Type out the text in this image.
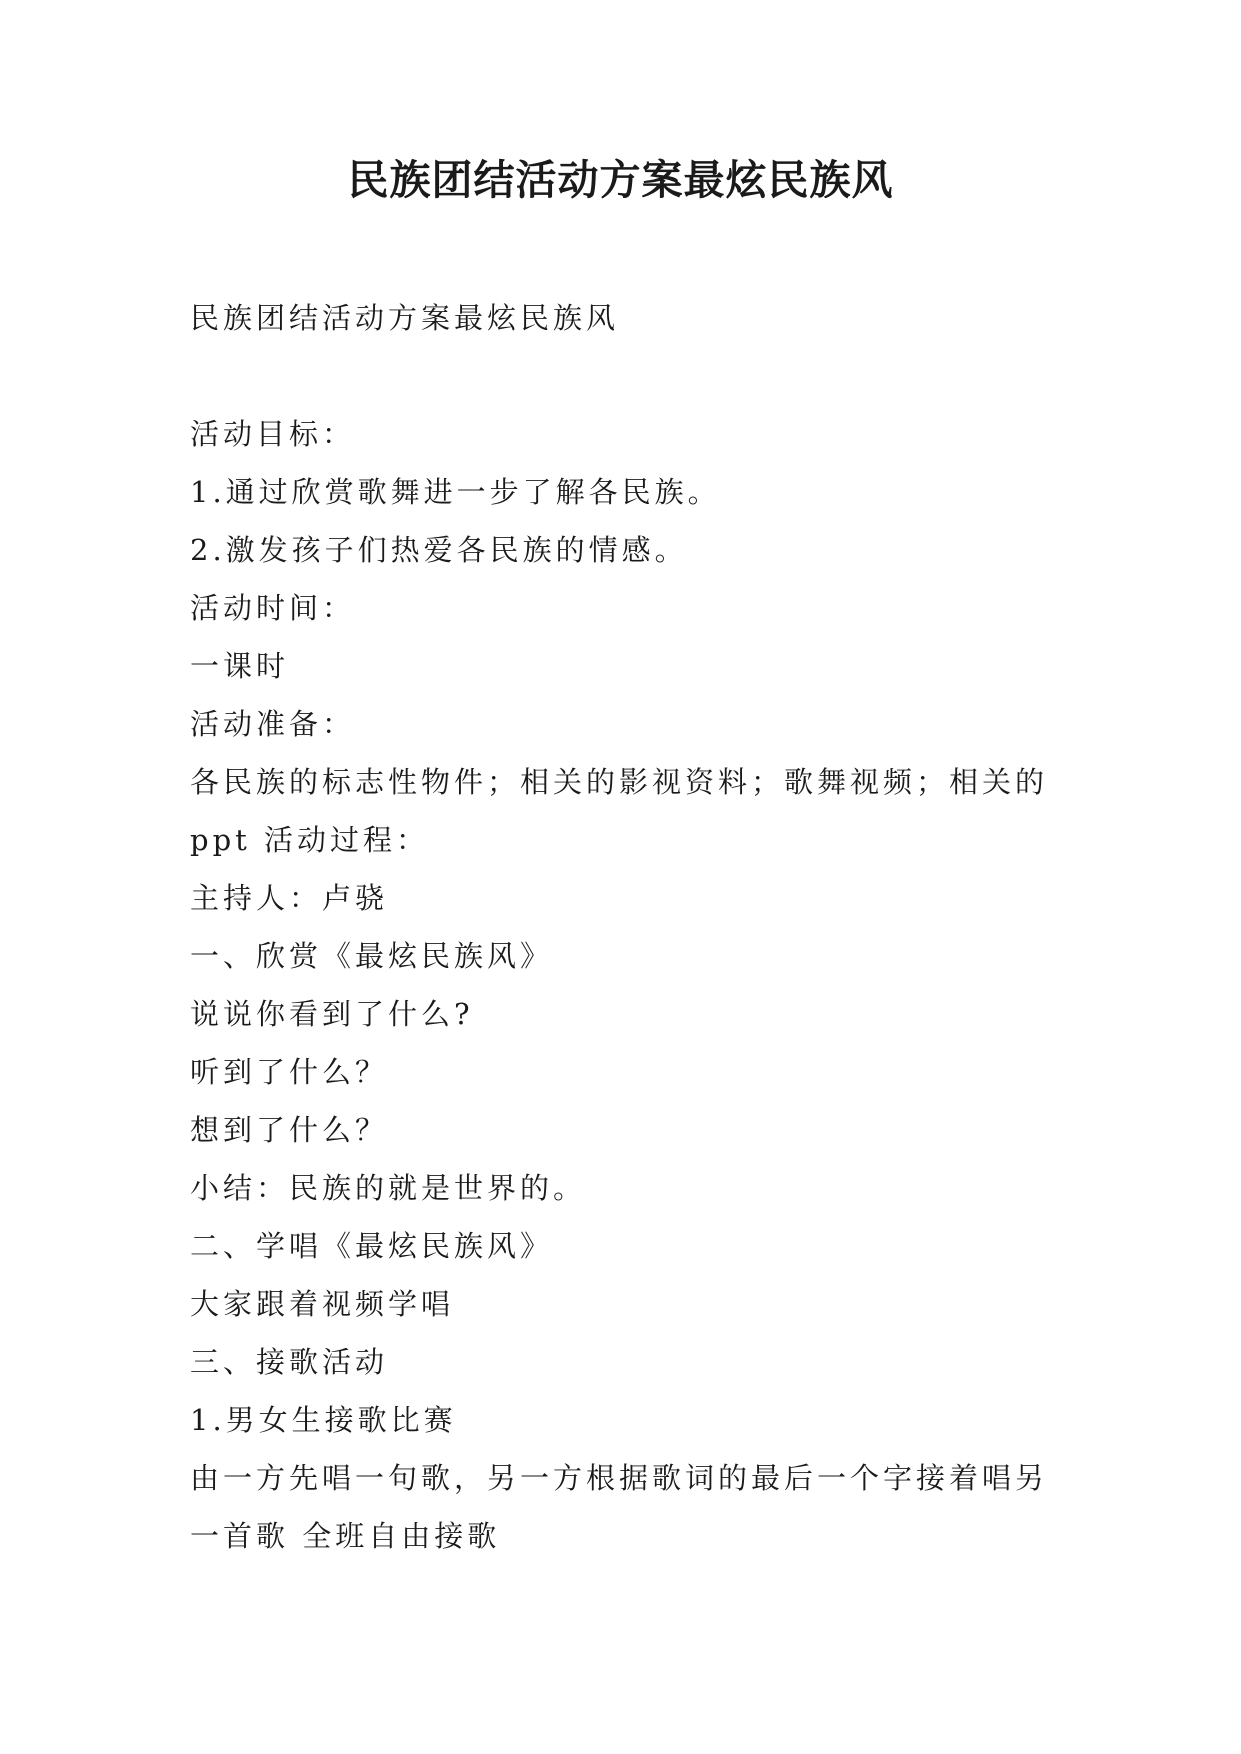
民族团结活动方案最炫民族风

民族团结活动方案最炫民族风

活动目标：

1.通过欣赏歌舞进一步了解各民族。

2.激发孩子们热爱各民族的情感。

活动时间：

一课时

活动准备：

各民族的标志性物件；相关的影视资料；歌舞视频；相关的

ppt 活动过程：

主持人：卢骁

一、欣赏《最炫民族风》

说说你看到了什么?

听到了什么？

想到了什么？

小结：民族的就是世界的。

二、学唱《最炫民族风》

大家跟着视频学唱

三、接歌活动

1.男女生接歌比赛

由一方先唱一句歌，另一方根据歌词的最后一个字接着唱另

一首歌 全班自由接歌
